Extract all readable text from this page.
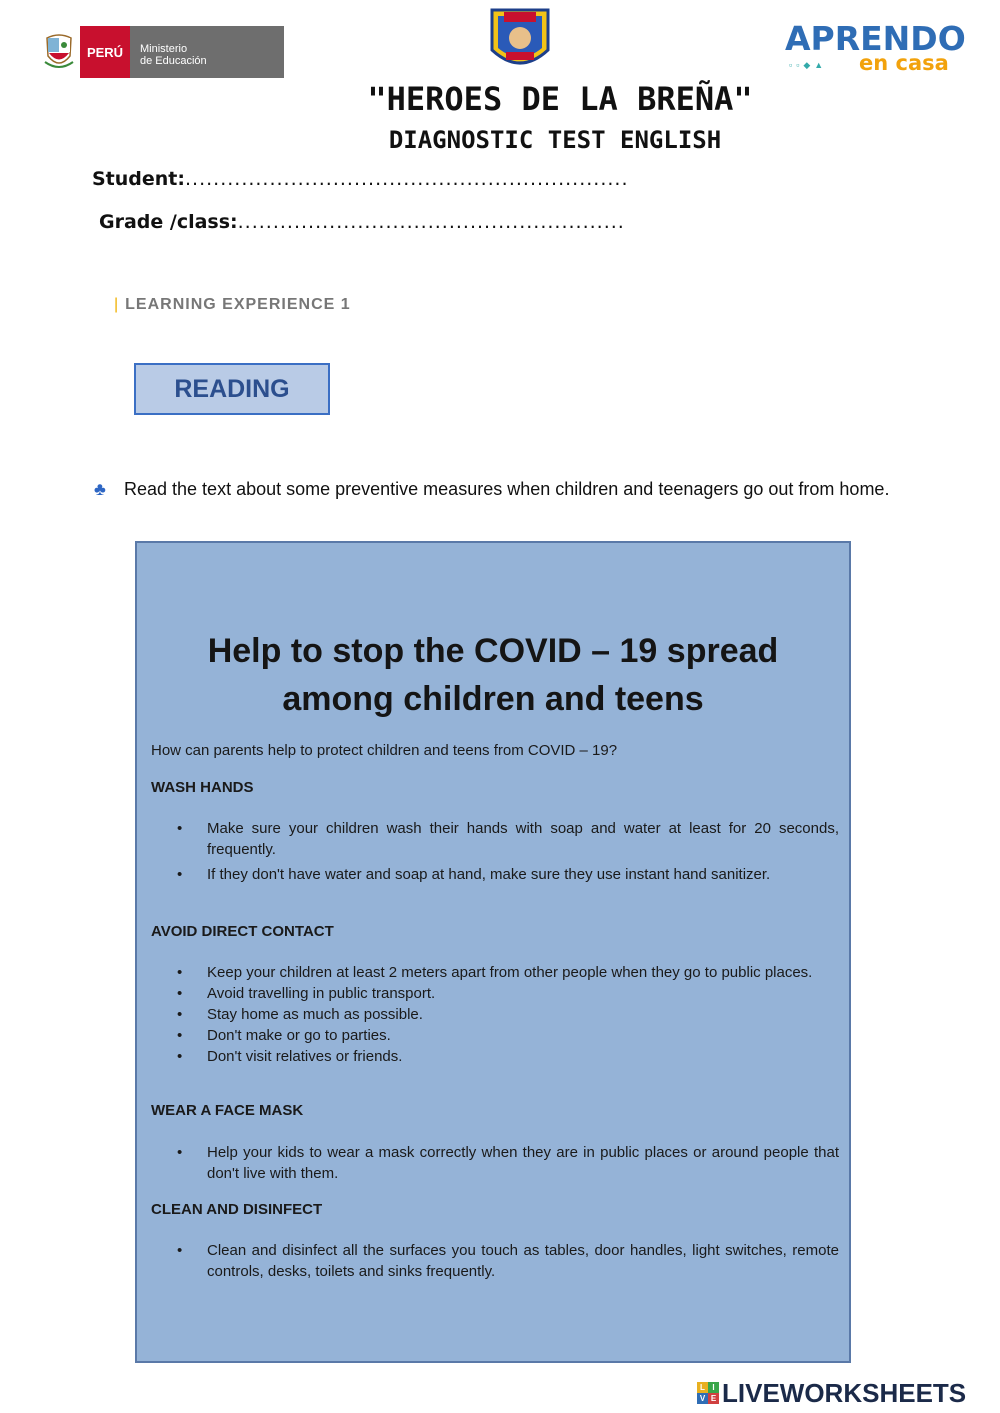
PERÚ	Ministerio
de Educación
APRENDO
▫▫◆▲ en casa
"HEROES DE LA BREÑA"
DIAGNOSTIC TEST ENGLISH
Student:...............................................................
Grade /class:.......................................................
| LEARNING EXPERIENCE 1
READING
♣	Read the text about some preventive measures when children and teenagers go out from home.
Help to stop the COVID – 19 spread
among children and teens
How can parents help to protect children and teens from COVID – 19?
WASH HANDS
• Make sure your children wash their hands with soap and water at least for 20 seconds, frequently.
• If they don't have water and soap at hand, make sure they use instant hand sanitizer.
AVOID DIRECT CONTACT
• Keep your children at least 2 meters apart from other people when they go to public places.
• Avoid travelling in public transport.
• Stay home as much as possible.
• Don't make or go to parties.
• Don't visit relatives or friends.
WEAR A FACE MASK
• Help your kids to wear a mask correctly when they are in public places or around people that don't live with them.
CLEAN AND DISINFECT
• Clean and disinfect all the surfaces you touch as tables, door handles, light switches, remote controls, desks, toilets and sinks frequently.
L I
V E LIVEWORKSHEETS
